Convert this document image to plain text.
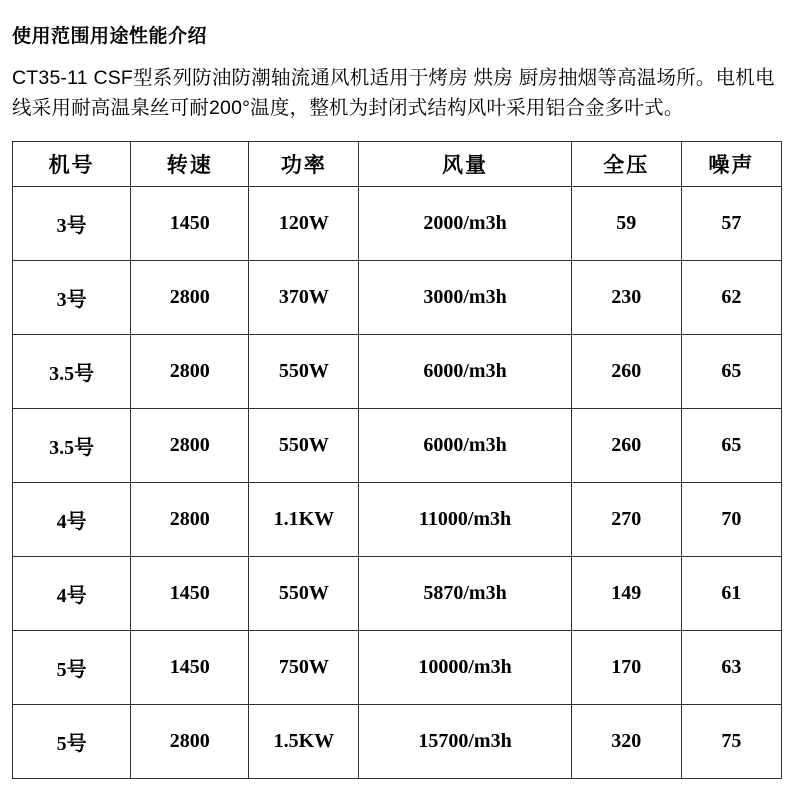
使用范围用途性能介绍
CT35-11 CSF型系列防油防潮轴流通风机适用于烤房 烘房 厨房抽烟等高温场所。电机电线采用耐高温臬丝可耐200°温度，整机为封闭式结构风叶采用铝合金多叶式。
机号	转速	功率	风量	全压	噪声
3号	1450	120W	2000/m3h	59	57
3号	2800	370W	3000/m3h	230	62
3.5号	2800	550W	6000/m3h	260	65
3.5号	2800	550W	6000/m3h	260	65
4号	2800	1.1KW	11000/m3h	270	70
4号	1450	550W	5870/m3h	149	61
5号	1450	750W	10000/m3h	170	63
5号	2800	1.5KW	15700/m3h	320	75
